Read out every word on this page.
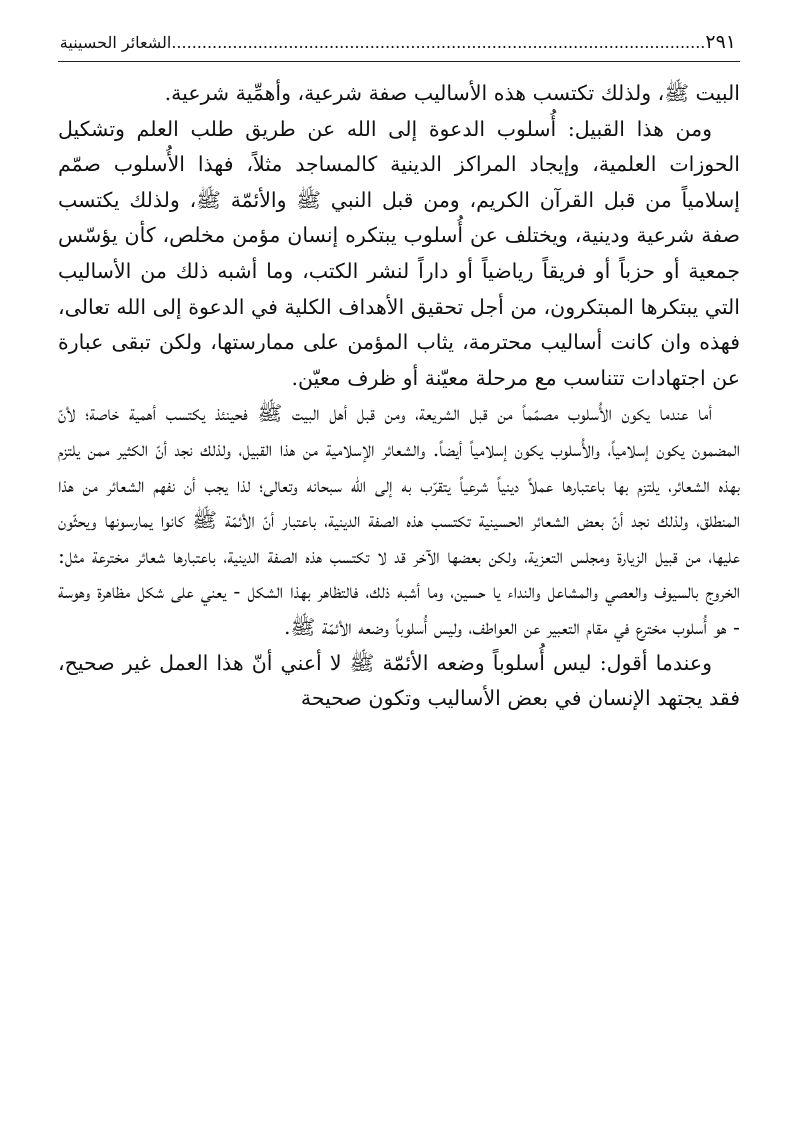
٢٩١
.........................................................................................................الشعائر الحسينية

البيت ﷺ، ولذلك تكتسب هذه الأساليب صفة شرعية، وأهمِّية شرعية.

ومن هذا القبيل: أُسلوب الدعوة إلى الله عن طريق طلب العلم وتشكيل الحوزات العلمية، وإيجاد المراكز الدينية كالمساجد مثلاً، فهذا الأُسلوب صمّم إسلامياً من قبل القرآن الكريم، ومن قبل النبي ﷺ والأئمّة ﷺ، ولذلك يكتسب صفة شرعية ودينية، ويختلف عن أُسلوب يبتكره إنسان مؤمن مخلص، كأن يؤسّس جمعية أو حزباً أو فريقاً رياضياً أو داراً لنشر الكتب، وما أشبه ذلك من الأساليب التي يبتكرها المبتكرون، من أجل تحقيق الأهداف الكلية في الدعوة إلى الله تعالى، فهذه وان كانت أساليب محترمة، يثاب المؤمن على ممارستها، ولكن تبقى عبارة عن اجتهادات تتناسب مع مرحلة معيّنة أو ظرف معيّن.

أما عندما يكون الأُسلوب مصمّماً من قبل الشريعة، ومن قبل أهل البيت ﷺ فحينئذ يكتسب أهمية خاصة؛ لأنّ المضمون يكون إسلامياً، والأُسلوب يكون إسلامياً أيضاً. والشعائر الإسلامية من هذا القبيل، ولذلك نجد أنّ الكثير ممن يلتزم بهذه الشعائر، يلتزم بها باعتبارها عملاً دينياً شرعياً يتقرّب به إلى الله سبحانه وتعالى؛ لذا يجب أن نفهم الشعائر من هذا المنطلق، ولذلك نجد أنّ بعض الشعائر الحسينية تكتسب هذه الصفة الدينية، باعتبار أنّ الأئمّة ﷺ كانوا يمارسونها ويحثّون عليها، من قبيل الزيارة ومجلس التعزية، ولكن بعضها الآخر قد لا تكتسب هذه الصفة الدينية، باعتبارها شعائر مخترعة مثل: الخروج بالسيوف والعصي والمشاعل والنداء يا حسين، وما أشبه ذلك، فالتظاهر بهذا الشكل - يعني على شكل مظاهرة وهوسة - هو أُسلوب مخترع في مقام التعبير عن العواطف، وليس أُسلوباً وضعه الأئمّة ﷺ.

وعندما أقول: ليس أُسلوباً وضعه الأئمّة ﷺ لا أعني أنّ هذا العمل غير صحيح، فقد يجتهد الإنسان في بعض الأساليب وتكون صحيحة
